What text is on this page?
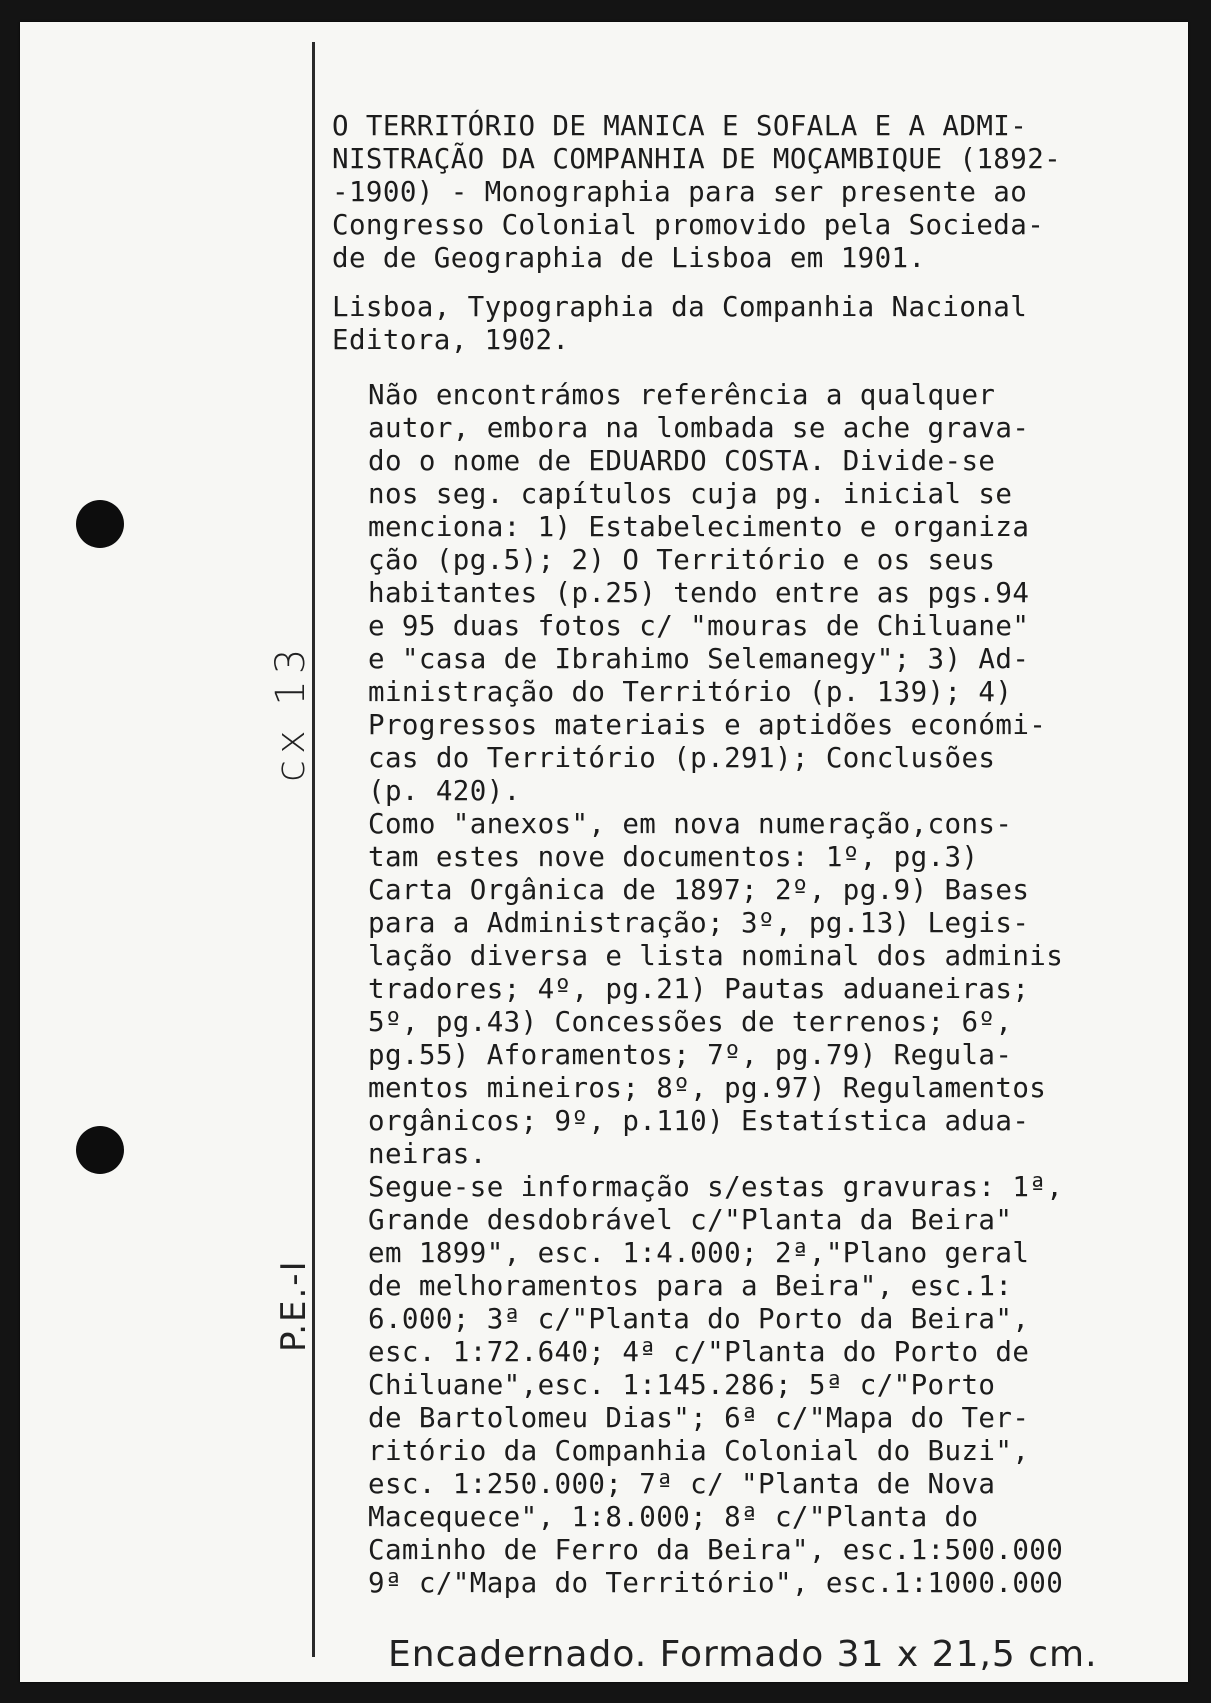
O TERRITÓRIO DE MANICA E SOFALA E A ADMI-
NISTRAÇÃO DA COMPANHIA DE MOÇAMBIQUE (1892-
-1900) - Monographia para ser presente ao
Congresso Colonial promovido pela Socieda-
de de Geographia de Lisboa em 1901.

Lisboa, Typographia da Companhia Nacional
Editora, 1902.

Não encontrámos referência a qualquer
autor, embora na lombada se ache grava-
do o nome de EDUARDO COSTA. Divide-se
nos seg. capítulos cuja pg. inicial se
menciona: 1) Estabelecimento e organiza
ção (pg.5); 2) O Território e os seus
habitantes (p.25) tendo entre as pgs.94
e 95 duas fotos c/ "mouras de Chiluane"
e "casa de Ibrahimo Selemanegy"; 3) Ad-
ministração do Território (p. 139); 4)
Progressos materiais e aptidões económi-
cas do Território (p.291); Conclusões
(p. 420).
Como "anexos", em nova numeração,cons-
tam estes nove documentos: 1º, pg.3)
Carta Orgânica de 1897; 2º, pg.9) Bases
para a Administração; 3º, pg.13) Legis-
lação diversa e lista nominal dos adminis
tradores; 4º, pg.21) Pautas aduaneiras;
5º, pg.43) Concessões de terrenos; 6º,
pg.55) Aforamentos; 7º, pg.79) Regula-
mentos mineiros; 8º, pg.97) Regulamentos
orgânicos; 9º, p.110) Estatística adua-
neiras.
Segue-se informação s/estas gravuras: 1ª,
Grande desdobrável c/"Planta da Beira"
em 1899", esc. 1:4.000; 2ª,"Plano geral
de melhoramentos para a Beira", esc.1:
6.000; 3ª c/"Planta do Porto da Beira",
esc. 1:72.640; 4ª c/"Planta do Porto de
Chiluane",esc. 1:145.286; 5ª c/"Porto
de Bartolomeu Dias"; 6ª c/"Mapa do Ter-
ritório da Companhia Colonial do Buzi",
esc. 1:250.000; 7ª c/ "Planta de Nova
Macequece", 1:8.000; 8ª c/"Planta do
Caminho de Ferro da Beira", esc.1:500.000
9ª c/"Mapa do Território", esc.1:1000.000

cx 13
P.E.-I
Encadernado. Formado 31 x 21,5 cm.
